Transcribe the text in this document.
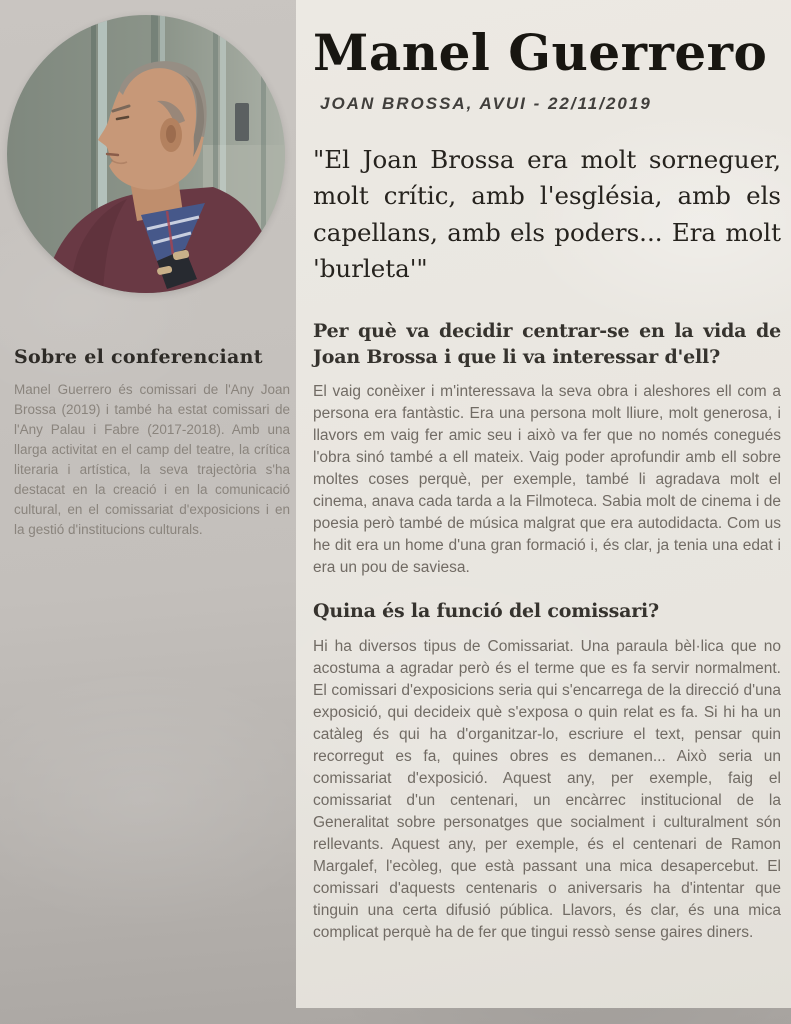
Sobre el conferenciant

Manel Guerrero és comissari de l'Any Joan Brossa (2019) i també ha estat comissari de l'Any Palau i Fabre (2017-2018). Amb una llarga activitat en el camp del teatre, la crítica literaria i artística, la seva trajectòria s'ha destacat en la creació i en la comunicació cultural, en el comissariat d'exposicions i en la gestió d'institucions culturals.

Manel Guerrero
JOAN BROSSA, AVUI - 22/11/2019
"El Joan Brossa era molt sorneguer, molt crític, amb l'església, amb els capellans, amb els poders... Era molt 'burleta'"
Per què va decidir centrar-se en la vida de Joan Brossa i que li va interessar d'ell?

El vaig conèixer i m'interessava la seva obra i aleshores ell com a persona era fantàstic. Era una persona molt lliure, molt generosa, i llavors em vaig fer amic seu i això va fer que no només conegués l'obra sinó també a ell mateix. Vaig poder aprofundir amb ell sobre moltes coses perquè, per exemple, també li agradava molt el cinema, anava cada tarda a la Filmoteca. Sabia molt de cinema i de poesia però també de música malgrat que era autodidacta. Com us he dit era un home d'una gran formació i, és clar, ja tenia una edat i era un pou de saviesa.

Quina és la funció del comissari?

Hi ha diversos tipus de Comissariat. Una paraula bèl·lica que no acostuma a agradar però és el terme que es fa servir normalment. El comissari d'exposicions seria qui s'encarrega de la direcció d'una exposició, qui decideix què s'exposa o quin relat es fa. Si hi ha un catàleg és qui ha d'organitzar-lo, escriure el text, pensar quin recorregut es fa, quines obres es demanen... Això seria un comissariat d'exposició. Aquest any, per exemple, faig el comissariat d'un centenari, un encàrrec institucional de la Generalitat sobre personatges que socialment i culturalment són rellevants. Aquest any, per exemple, és el centenari de Ramon Margalef, l'ecòleg, que està passant una mica desapercebut. El comissari d'aquests centenaris o aniversaris ha d'intentar que tinguin una certa difusió pública. Llavors, és clar, és una mica complicat perquè ha de fer que tingui ressò sense gaires diners.
